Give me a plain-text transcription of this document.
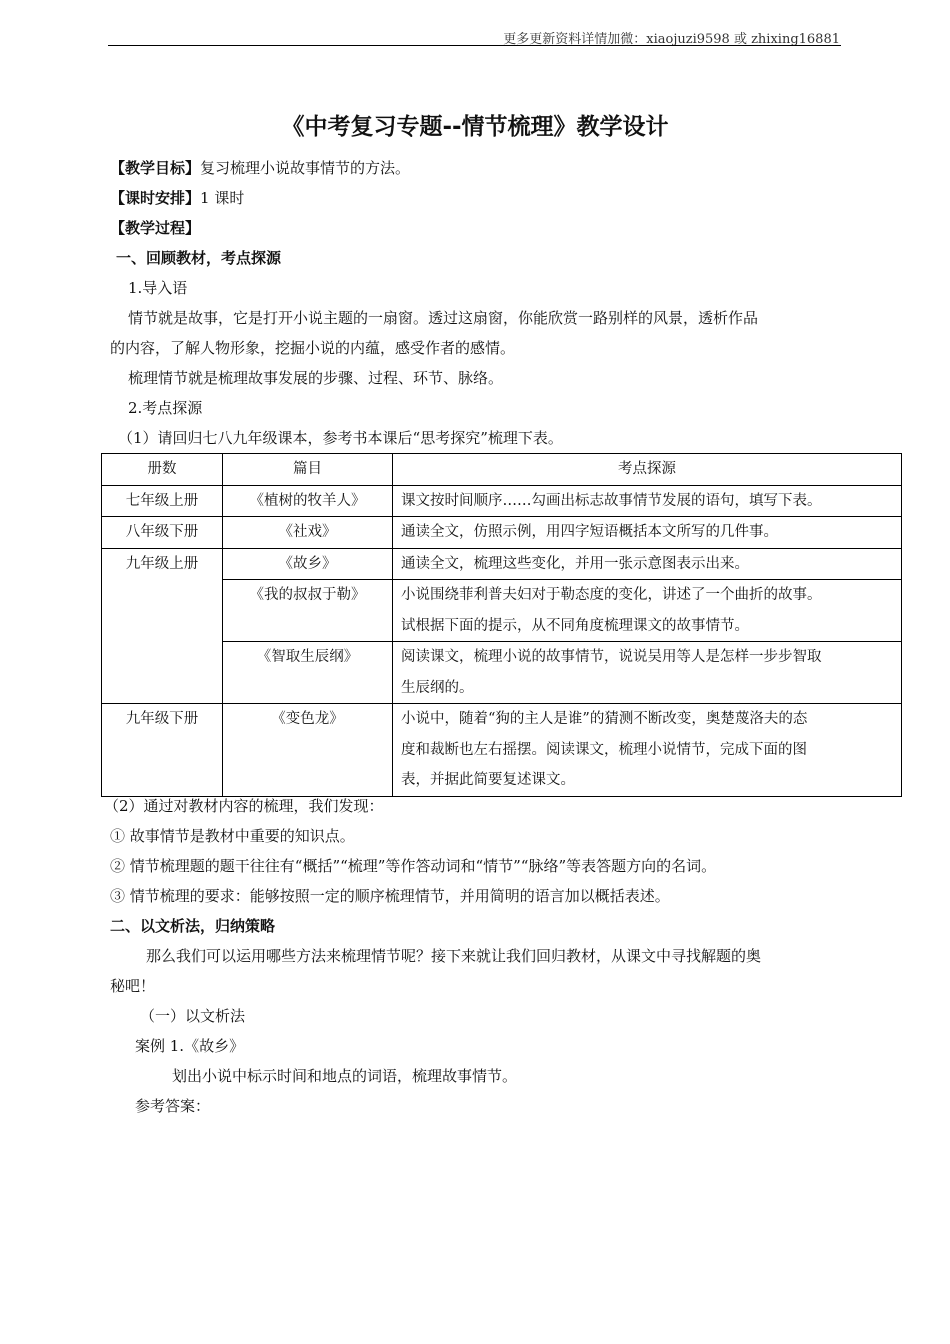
更多更新资料详情加微：xiaojuzi9598 或 zhixing16881
《中考复习专题--情节梳理》教学设计
【教学目标】复习梳理小说故事情节的方法。
【课时安排】1 课时
【教学过程】
一、回顾教材，考点探源
1.导入语
情节就是故事，它是打开小说主题的一扇窗。透过这扇窗，你能欣赏一路别样的风景，透析作品
的内容，了解人物形象，挖掘小说的内蕴，感受作者的感情。
梳理情节就是梳理故事发展的步骤、过程、环节、脉络。
2.考点探源
（1）请回归七八九年级课本，参考书本课后“思考探究”梳理下表。
册数	篇目	考点探源
七年级上册	《植树的牧羊人》	课文按时间顺序……勾画出标志故事情节发展的语句，填写下表。

八年级下册	《社戏》	通读全文，仿照示例，用四字短语概括本文所写的几件事。

九年级上册	《故乡》	通读全文，梳理这些变化，并用一张示意图表示出来。

	《我的叔叔于勒》	小说围绕菲利普夫妇对于勒态度的变化，讲述了一个曲折的故事。
试根据下面的提示，从不同角度梳理课文的故事情节。

	《智取生辰纲》	阅读课文，梳理小说的故事情节，说说吴用等人是怎样一步步智取
生辰纲的。

九年级下册	《变色龙》	小说中，随着“狗的主人是谁”的猜测不断改变，奥楚蔑洛夫的态
度和裁断也左右摇摆。阅读课文，梳理小说情节，完成下面的图
表，并据此简要复述课文。
（2）通过对教材内容的梳理，我们发现：
① 故事情节是教材中重要的知识点。
② 情节梳理题的题干往往有“概括”“梳理”等作答动词和“情节”“脉络”等表答题方向的名词。
③ 情节梳理的要求：能够按照一定的顺序梳理情节，并用简明的语言加以概括表述。
二、以文析法，归纳策略
那么我们可以运用哪些方法来梳理情节呢？接下来就让我们回归教材，从课文中寻找解题的奥
秘吧！
（一）以文析法
案例 1.《故乡》
划出小说中标示时间和地点的词语，梳理故事情节。
参考答案：
